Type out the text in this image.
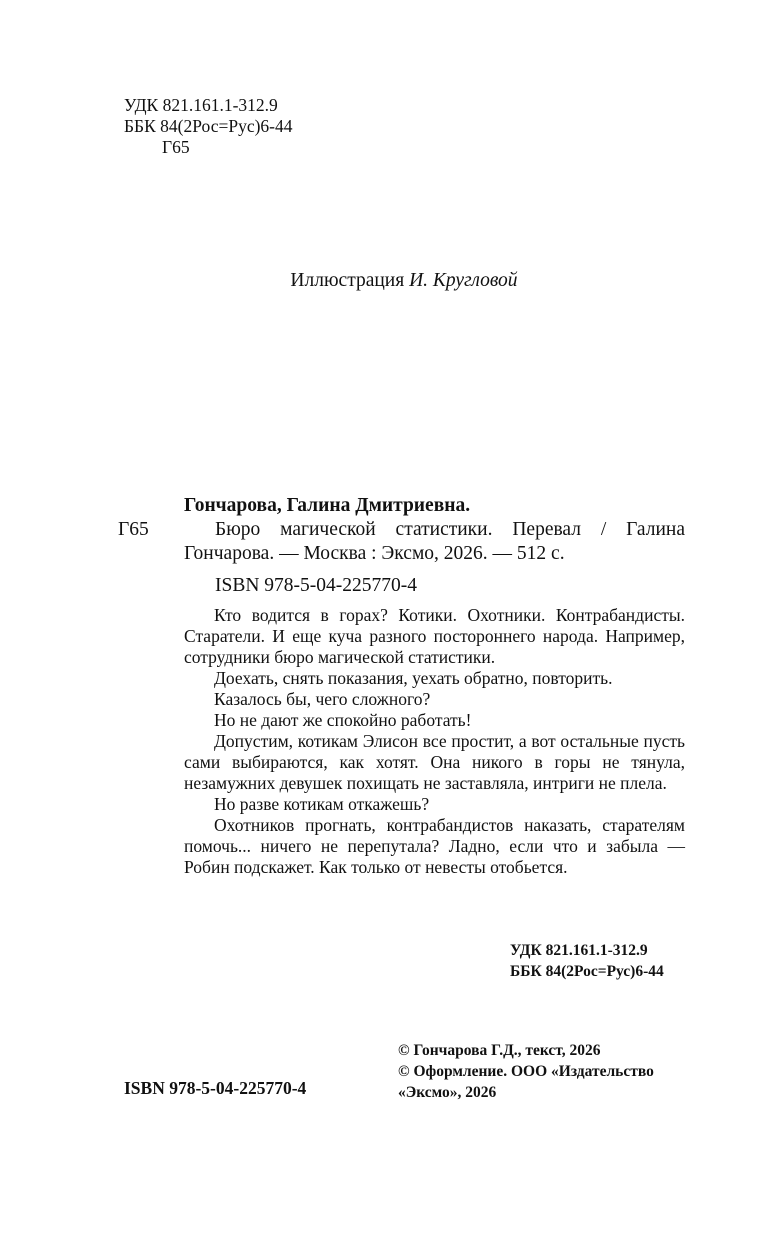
УДК 821.161.1-312.9
ББК 84(2Рос=Рус)6-44
Г65
Иллюстрация И. Кругловой
Гончарова, Галина Дмитриевна.
Г65	Бюро магической статистики. Перевал / Галина
Гончарова. — Москва : Эксмо, 2026. — 512 с.
ISBN 978-5-04-225770-4

Кто водится в горах? Котики. Охотники. Контрабандисты. Старатели. И еще куча разного постороннего народа. Например, сотрудники бюро магической статистики.

Доехать, снять показания, уехать обратно, повторить.

Казалось бы, чего сложного?

Но не дают же спокойно работать!

Допустим, котикам Элисон все простит, а вот остальные пусть сами выбираются, как хотят. Она никого в горы не тянула, незамужних девушек похищать не заставляла, интриги не плела.

Но разве котикам откажешь?

Охотников прогнать, контрабандистов наказать, старателям помочь... ничего не перепутала? Ладно, если что и забыла — Робин подскажет. Как только от невесты отобьется.

УДК 821.161.1-312.9
ББК 84(2Рос=Рус)6-44
© Гончарова Г.Д., текст, 2026
© Оформление. ООО «Издательство
«Эксмо», 2026
ISBN 978-5-04-225770-4
